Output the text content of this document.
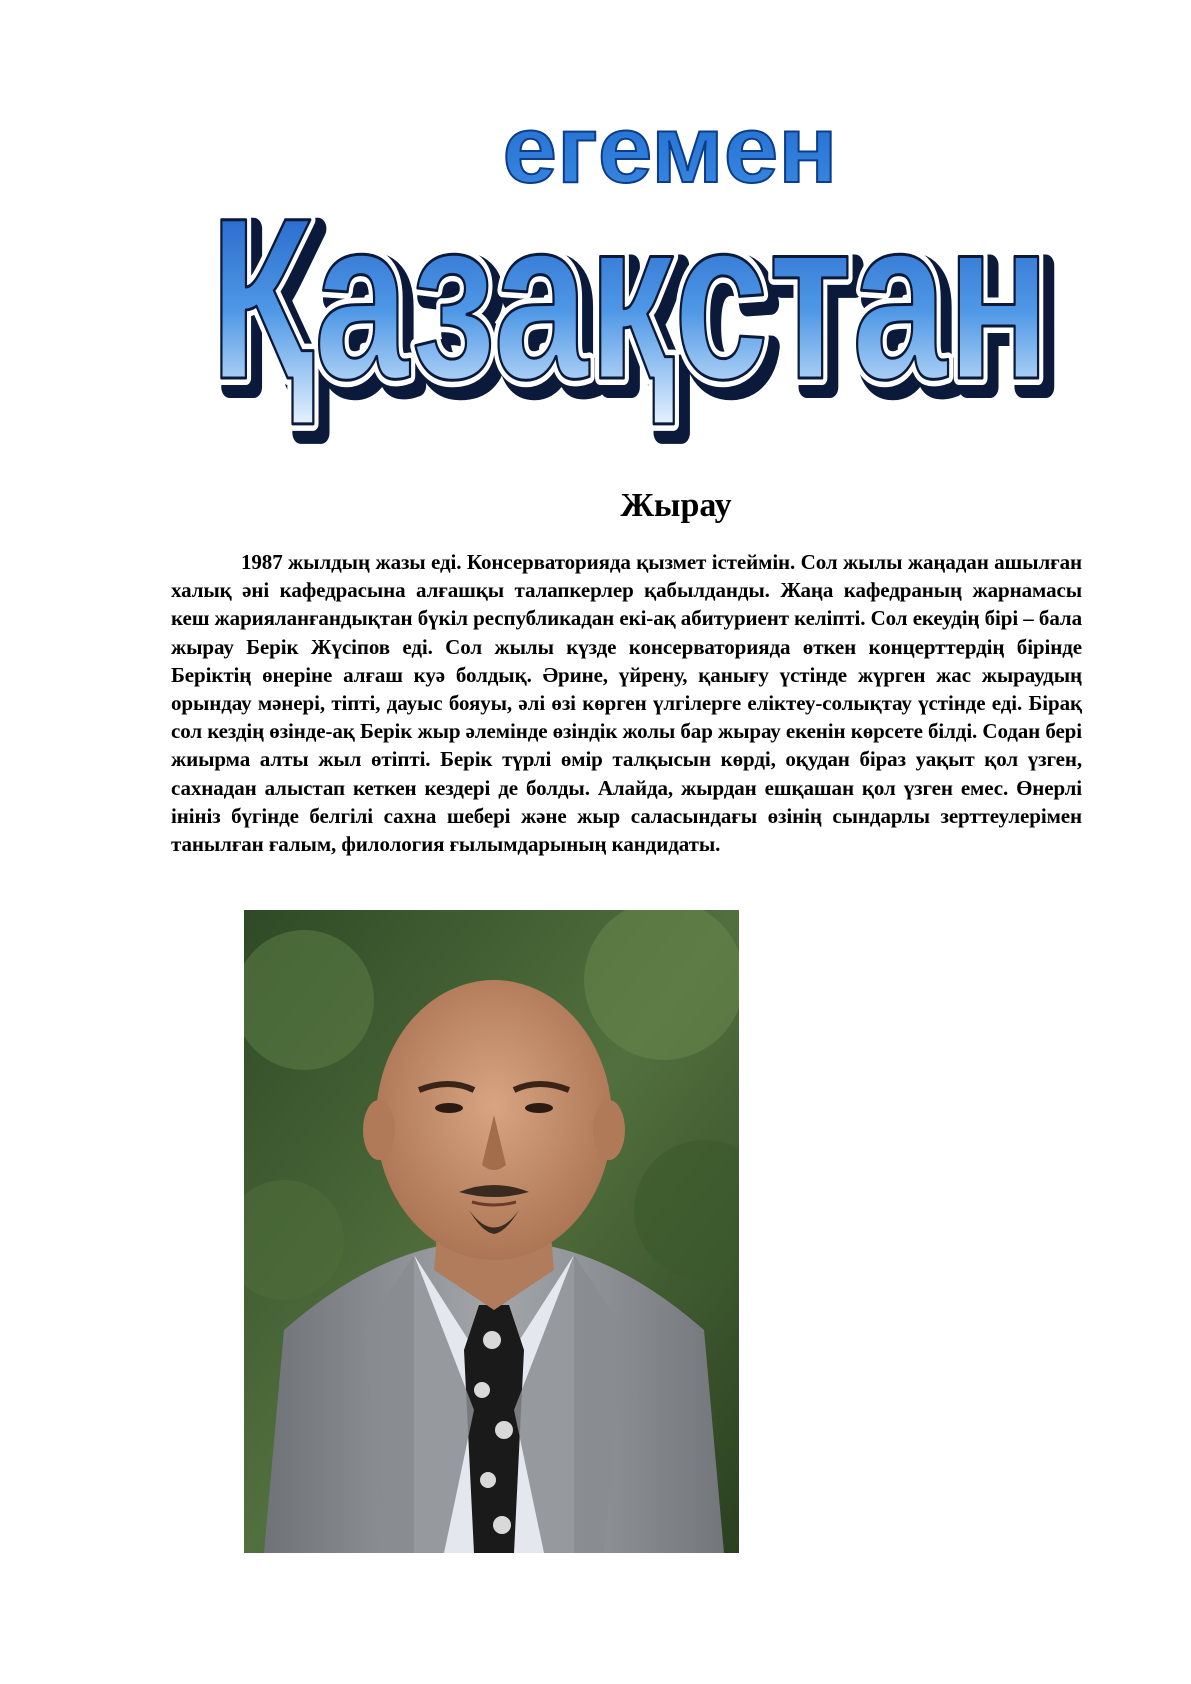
егемен
Қазақстан
Қазақстан
Қазақстан
Жырау

1987 жылдың жазы еді. Консерваторияда қызмет істеймін. Сол жылы жаңадан ашылған халық әні кафедрасына алғашқы талапкерлер қабылданды. Жаңа кафедраның жарнамасы кеш жарияланғандықтан бүкіл республикадан екі-ақ абитуриент келіпті. Сол екеудің бірі – бала жырау Берік Жүсіпов еді. Сол жылы күзде консерваторияда өткен концерттердің бірінде Беріктің өнеріне алғаш куә болдық. Әрине, үйрену, қанығу үстінде жүрген жас жыраудың орындау мәнері, тіпті, дауыс бояуы, әлі өзі көрген үлгілерге еліктеу-солықтау үстінде еді. Бірақ сол кездің өзінде-ақ Берік жыр әлемінде өзіндік жолы бар жырау екенін көрсете білді. Содан бері жиырма алты жыл өтіпті. Берік түрлі өмір талқысын көрді, оқудан біраз уақыт қол үзген, сахнадан алыстап кеткен кездері де болды. Алайда, жырдан ешқашан қол үзген емес. Өнерлі інініз бүгінде белгілі сахна шебері және жыр саласындағы өзінің сындарлы зерттеулерімен танылған ғалым, филология ғылымдарының кандидаты.
